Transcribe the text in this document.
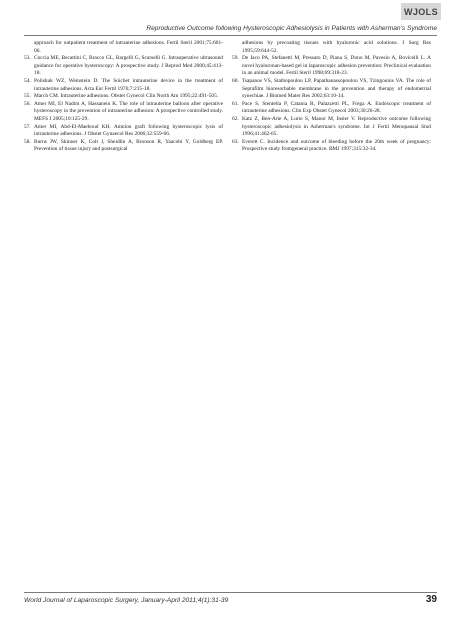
WJOLS
Reproductive Outcome following Hysteroscopic Adhesiolysis in Patients with Asherman's Syndrome

approach for outpatient treatment of intrauterine adhesions. Fertil Steril 2001;75:601-06.

53. Coccia ME, Becattini C, Bracco GL, Bargelli G, Scarselli G. Intraoperative ultrasound guidance for operative hysteroscopy: A prospective study. J Reprod Med 2000;45:413-18.

54. Polishuk WZ, Weinstein D. The Soichet intrauterine device in the treatment of intrauterine adhesions. Acta Eur Fertil 1976;7:215-18.

55. March CM. Intrauterine adhesions. Obstet Gynecol Clin North Am 1995;22:491-505.

56. Amer MI, El Nadim A, Hassanein K. The role of intrauterine balloon after operative hysteroscopy in the prevention of intrauterine adhesion: A prospective controlled study. MEFS J 2005;10:125-29.

57. Amer MI, Abd-El-Maeboud KH. Amnion graft following hysteroscopic lysis of intrauterine adhesions. J Obstet Gynaecol Res 2006;32:559-66.

58. Burns JW, Skinner K, Colt J, Sheidlin A, Bronson R, Yaacobi Y, Goldberg EP. Prevention of tissue injury and postsurgical

adhesions by precoating tissues with hyaluronic acid solutions. J Surg Res 1995;59:644-52.

59. De Iaco PA, Stefanetti M, Pressato D, Piana S, Dono M, Pavesio A, Bovicelli L. A novel hyaluronan-based gel in laparoscopic adhesion prevention: Preclinical evaluation in an animal model. Fertil Steril 1998;69:318-23.

60. Tsapanos VS, Stathopoulou LP, Papathanassopoulou VS, Tzingounis VA. The role of Seprafilm bioresorbable membrane in the prevention and therapy of endometrial synechiae. J Biomed Mater Res 2002;63:10-14.

61. Pace S, Stentella P, Catania R, Palazzetti PL, Frega A. Endoscopic treatment of intrauterine adhesions. Clin Exp Obstet Gynecol 2003;30:26-28.

62. Katz Z, Ben-Arie A, Lurie S, Manor M, Insler V. Reproductive outcome following hysteroscopic adhesiolysis in Asherman's syndrome. Int J Fertil Menopausal Stud 1996;41:462-65.

63. Everett C. Incidence and outcome of bleeding before the 20th week of pregnancy: Prospective study fromgeneral practice. BMJ 1997;315:32-34.

World Journal of Laparoscopic Surgery, January-April 2011;4(1):31-39	39
